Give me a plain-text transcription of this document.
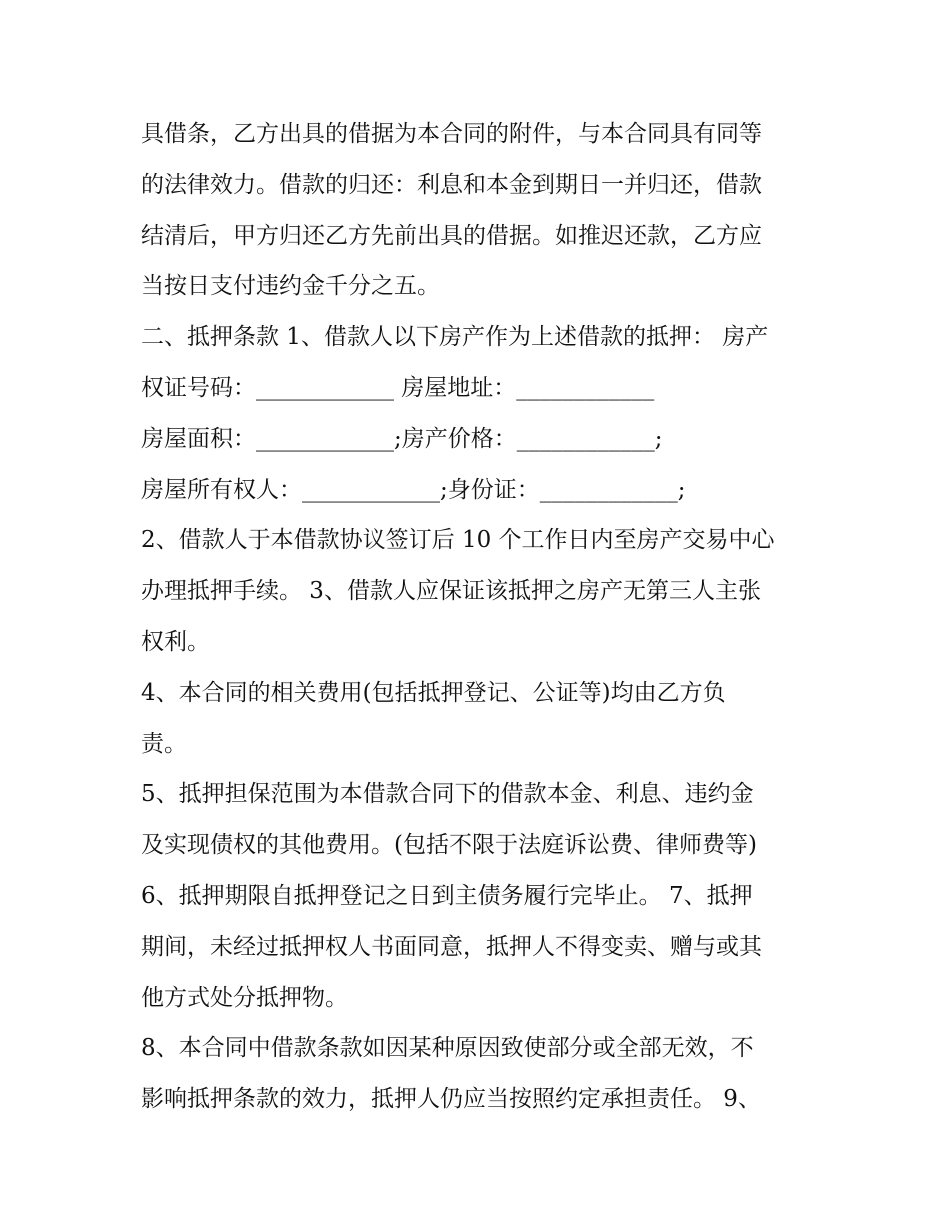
具借条，乙方出具的借据为本合同的附件，与本合同具有同等
的法律效力。借款的归还：利息和本金到期日一并归还，借款
结清后，甲方归还乙方先前出具的借据。如推迟还款，乙方应
当按日支付违约金千分之五。
二、抵押条款 1、借款人以下房产作为上述借款的抵押： 房产
权证号码：____________ 房屋地址：____________
房屋面积：____________;房产价格：____________;
房屋所有权人：____________;身份证：____________;
2、借款人于本借款协议签订后 10 个工作日内至房产交易中心
办理抵押手续。 3、借款人应保证该抵押之房产无第三人主张
权利。
4、本合同的相关费用(包括抵押登记、公证等)均由乙方负
责。
5、抵押担保范围为本借款合同下的借款本金、利息、违约金
及实现债权的其他费用。(包括不限于法庭诉讼费、律师费等)
6、抵押期限自抵押登记之日到主债务履行完毕止。 7、抵押
期间，未经过抵押权人书面同意，抵押人不得变卖、赠与或其
他方式处分抵押物。
8、本合同中借款条款如因某种原因致使部分或全部无效，不
影响抵押条款的效力，抵押人仍应当按照约定承担责任。 9、
